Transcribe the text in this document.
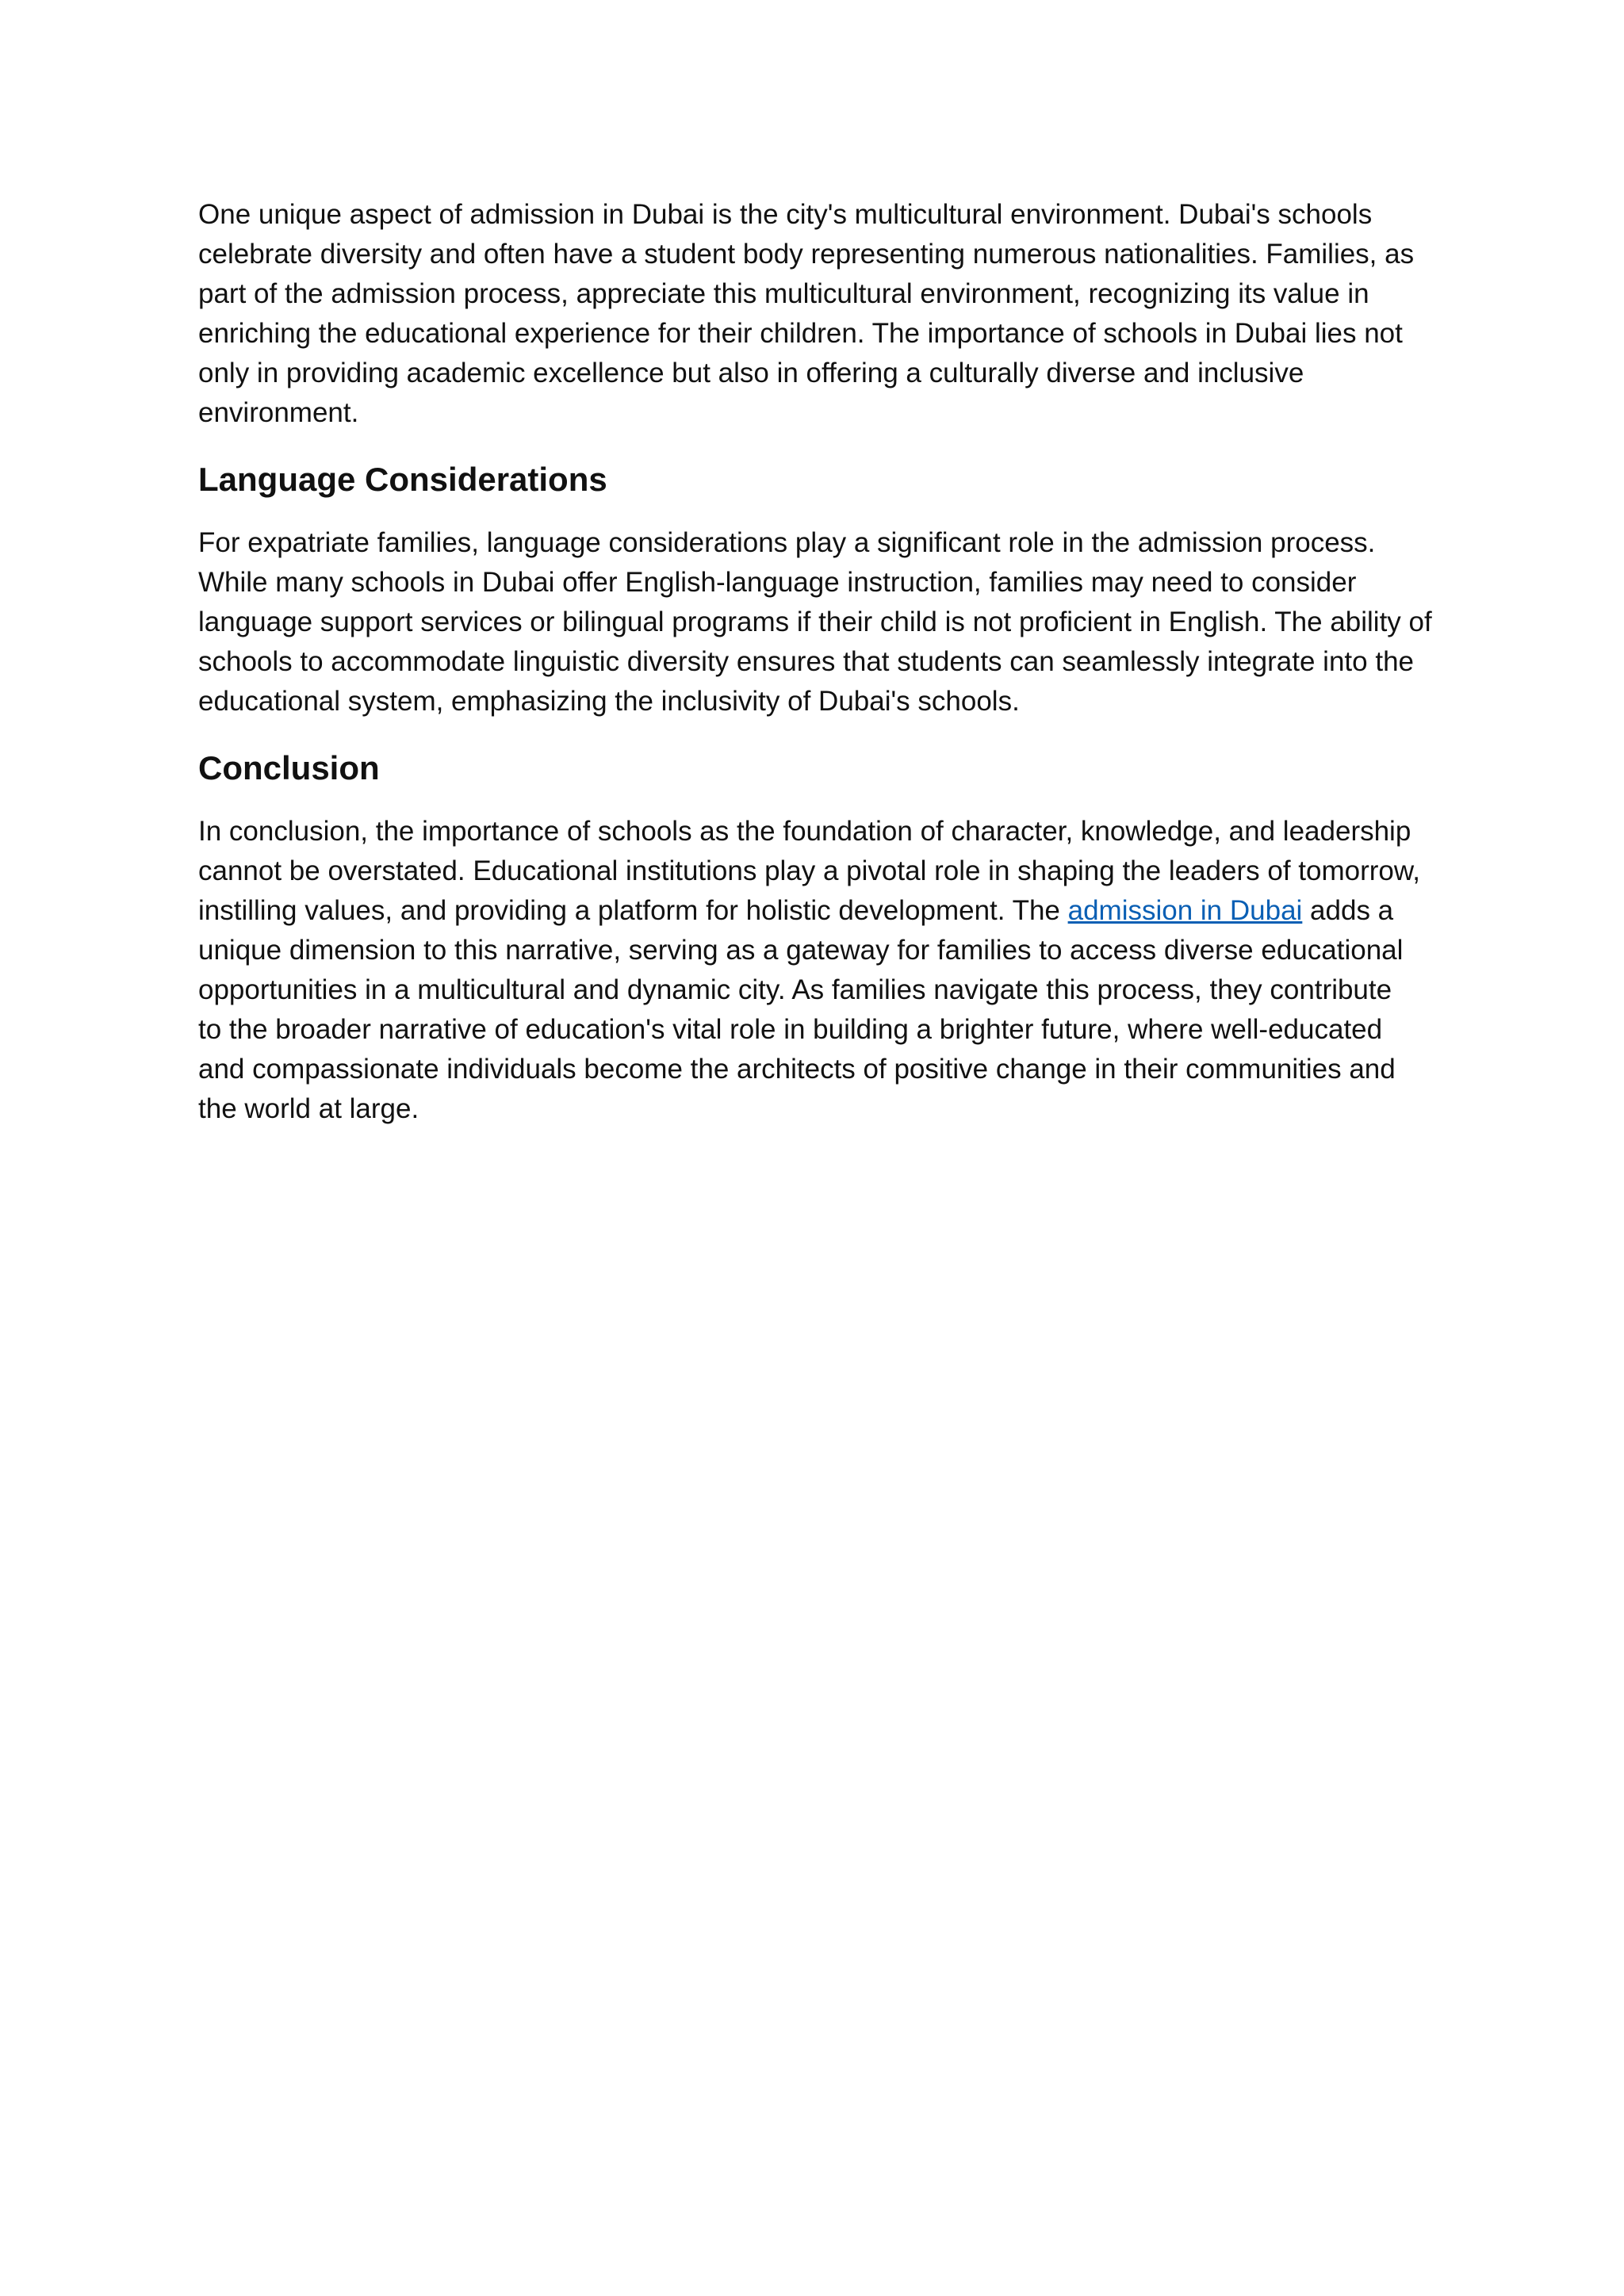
One unique aspect of admission in Dubai is the city's multicultural environment. Dubai's schools
celebrate diversity and often have a student body representing numerous nationalities. Families, as
part of the admission process, appreciate this multicultural environment, recognizing its value in
enriching the educational experience for their children. The importance of schools in Dubai lies not
only in providing academic excellence but also in offering a culturally diverse and inclusive
environment.

Language Considerations

For expatriate families, language considerations play a significant role in the admission process.
While many schools in Dubai offer English-language instruction, families may need to consider
language support services or bilingual programs if their child is not proficient in English. The ability of
schools to accommodate linguistic diversity ensures that students can seamlessly integrate into the
educational system, emphasizing the inclusivity of Dubai's schools.

Conclusion

In conclusion, the importance of schools as the foundation of character, knowledge, and leadership
cannot be overstated. Educational institutions play a pivotal role in shaping the leaders of tomorrow,
instilling values, and providing a platform for holistic development. The admission in Dubai adds a
unique dimension to this narrative, serving as a gateway for families to access diverse educational
opportunities in a multicultural and dynamic city. As families navigate this process, they contribute
to the broader narrative of education's vital role in building a brighter future, where well-educated
and compassionate individuals become the architects of positive change in their communities and
the world at large.
